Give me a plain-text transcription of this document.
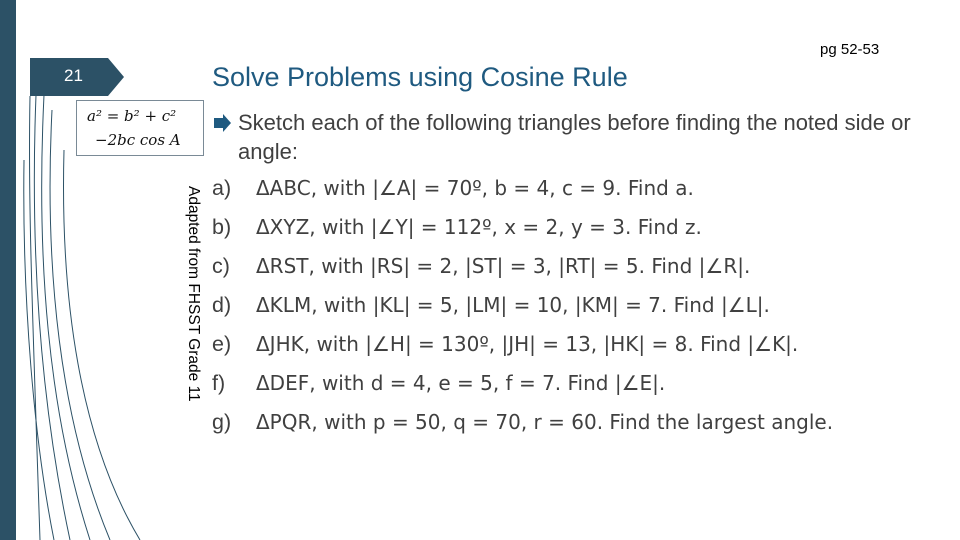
21
pg 52-53
Solve Problems using Cosine Rule
a² = b² + c²
−2bc cos A
Adapted from FHSST Grade 11
Sketch each of the following triangles before finding the noted side or angle:
a) ΔABC, with |∠A| = 70º, b = 4, c = 9. Find a.
b) ΔXYZ, with |∠Y| = 112º, x = 2, y = 3. Find z.
c) ΔRST, with |RS| = 2, |ST| = 3, |RT| = 5. Find |∠R|.
d) ΔKLM, with |KL| = 5, |LM| = 10, |KM| = 7. Find |∠L|.
e) ΔJHK, with |∠H| = 130º, |JH| = 13, |HK| = 8. Find |∠K|.
f) ΔDEF, with d = 4, e = 5, f = 7. Find |∠E|.
g) ΔPQR, with p = 50, q = 70, r = 60. Find the largest angle.
